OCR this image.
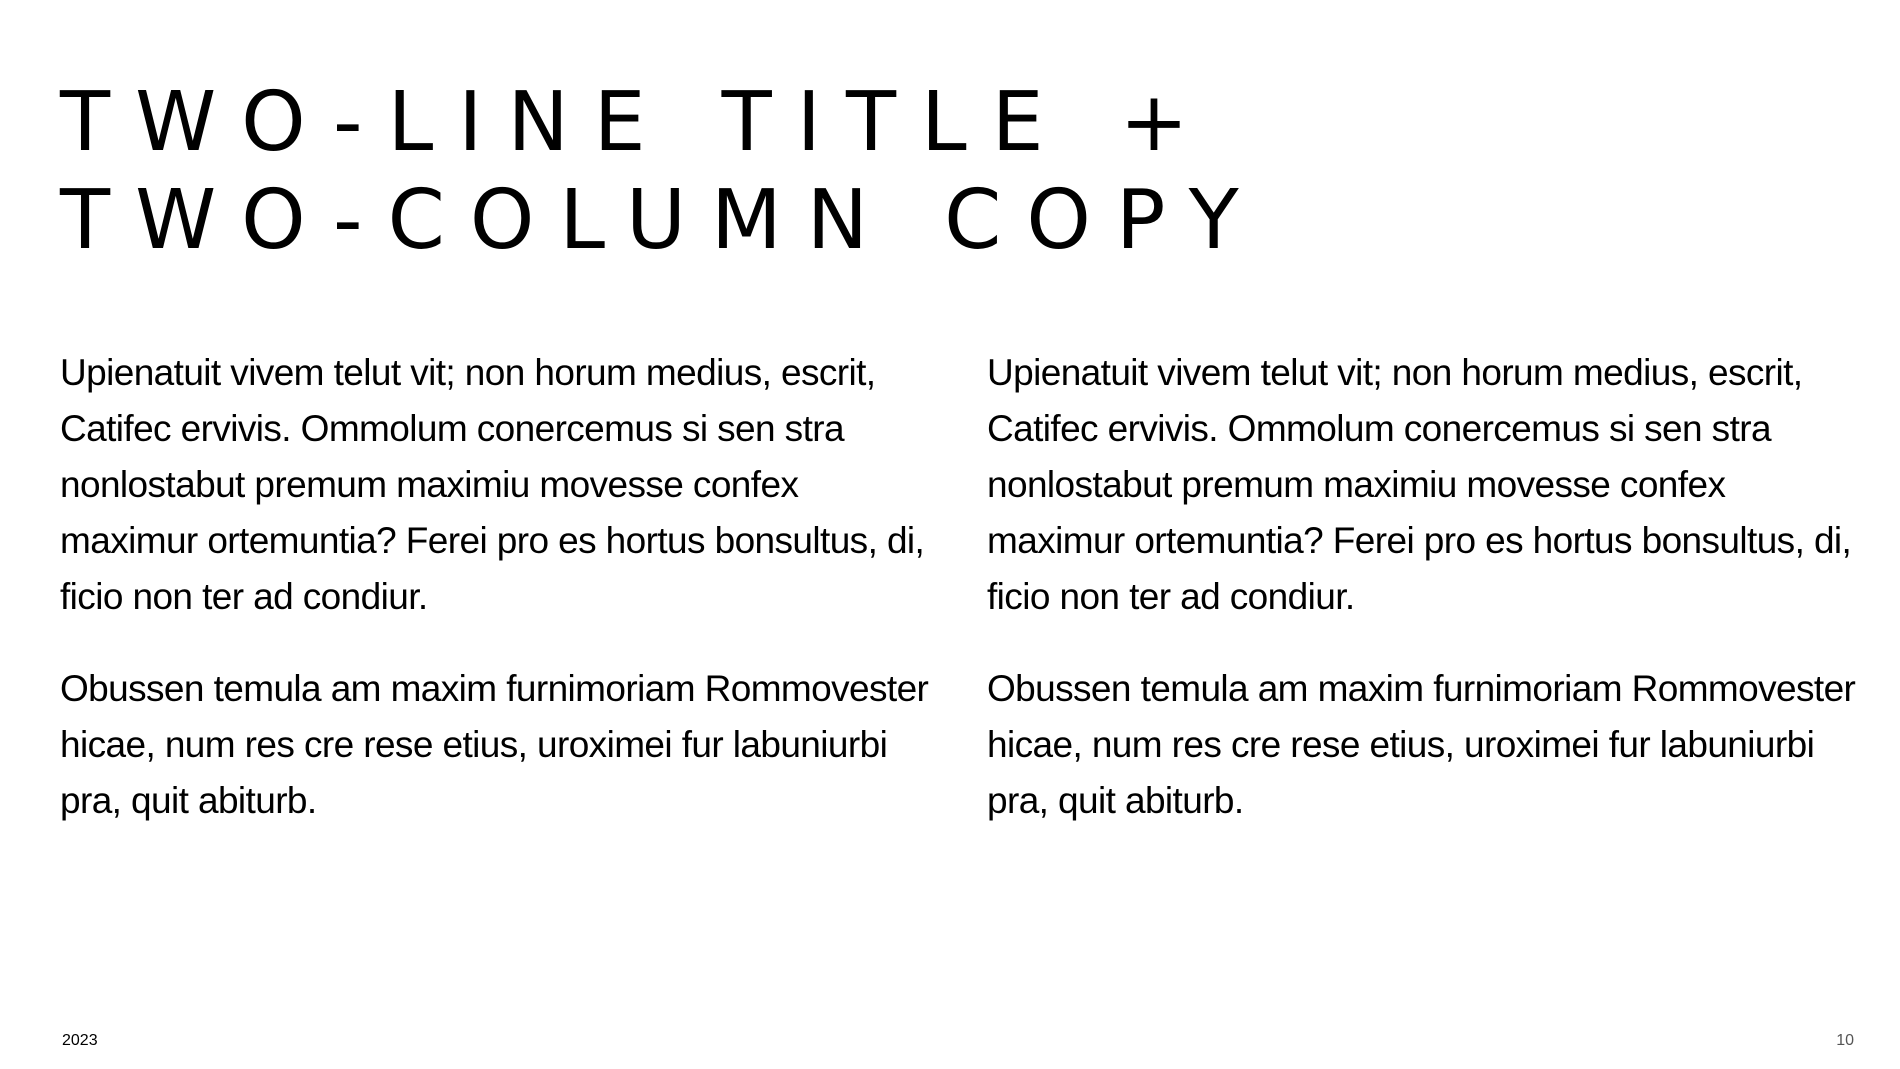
TWO-LINE TITLE +
TWO-COLUMN COPY

Upienatuit vivem telut vit; non horum medius, escrit, Catifec ervivis. Ommolum conercemus si sen stra nonlostabut premum maximiu movesse confex maximur ortemuntia? Ferei pro es hortus bonsultus, di, ficio non ter ad condiur.

Obussen temula am maxim furnimoriam Rommovester hicae, num res cre rese etius, uroximei fur labuniurbi pra, quit abiturb.

Upienatuit vivem telut vit; non horum medius, escrit, Catifec ervivis. Ommolum conercemus si sen stra nonlostabut premum maximiu movesse confex maximur ortemuntia? Ferei pro es hortus bonsultus, di, ficio non ter ad condiur.

Obussen temula am maxim furnimoriam Rommovester hicae, num res cre rese etius, uroximei fur labuniurbi pra, quit abiturb.

2023	10
